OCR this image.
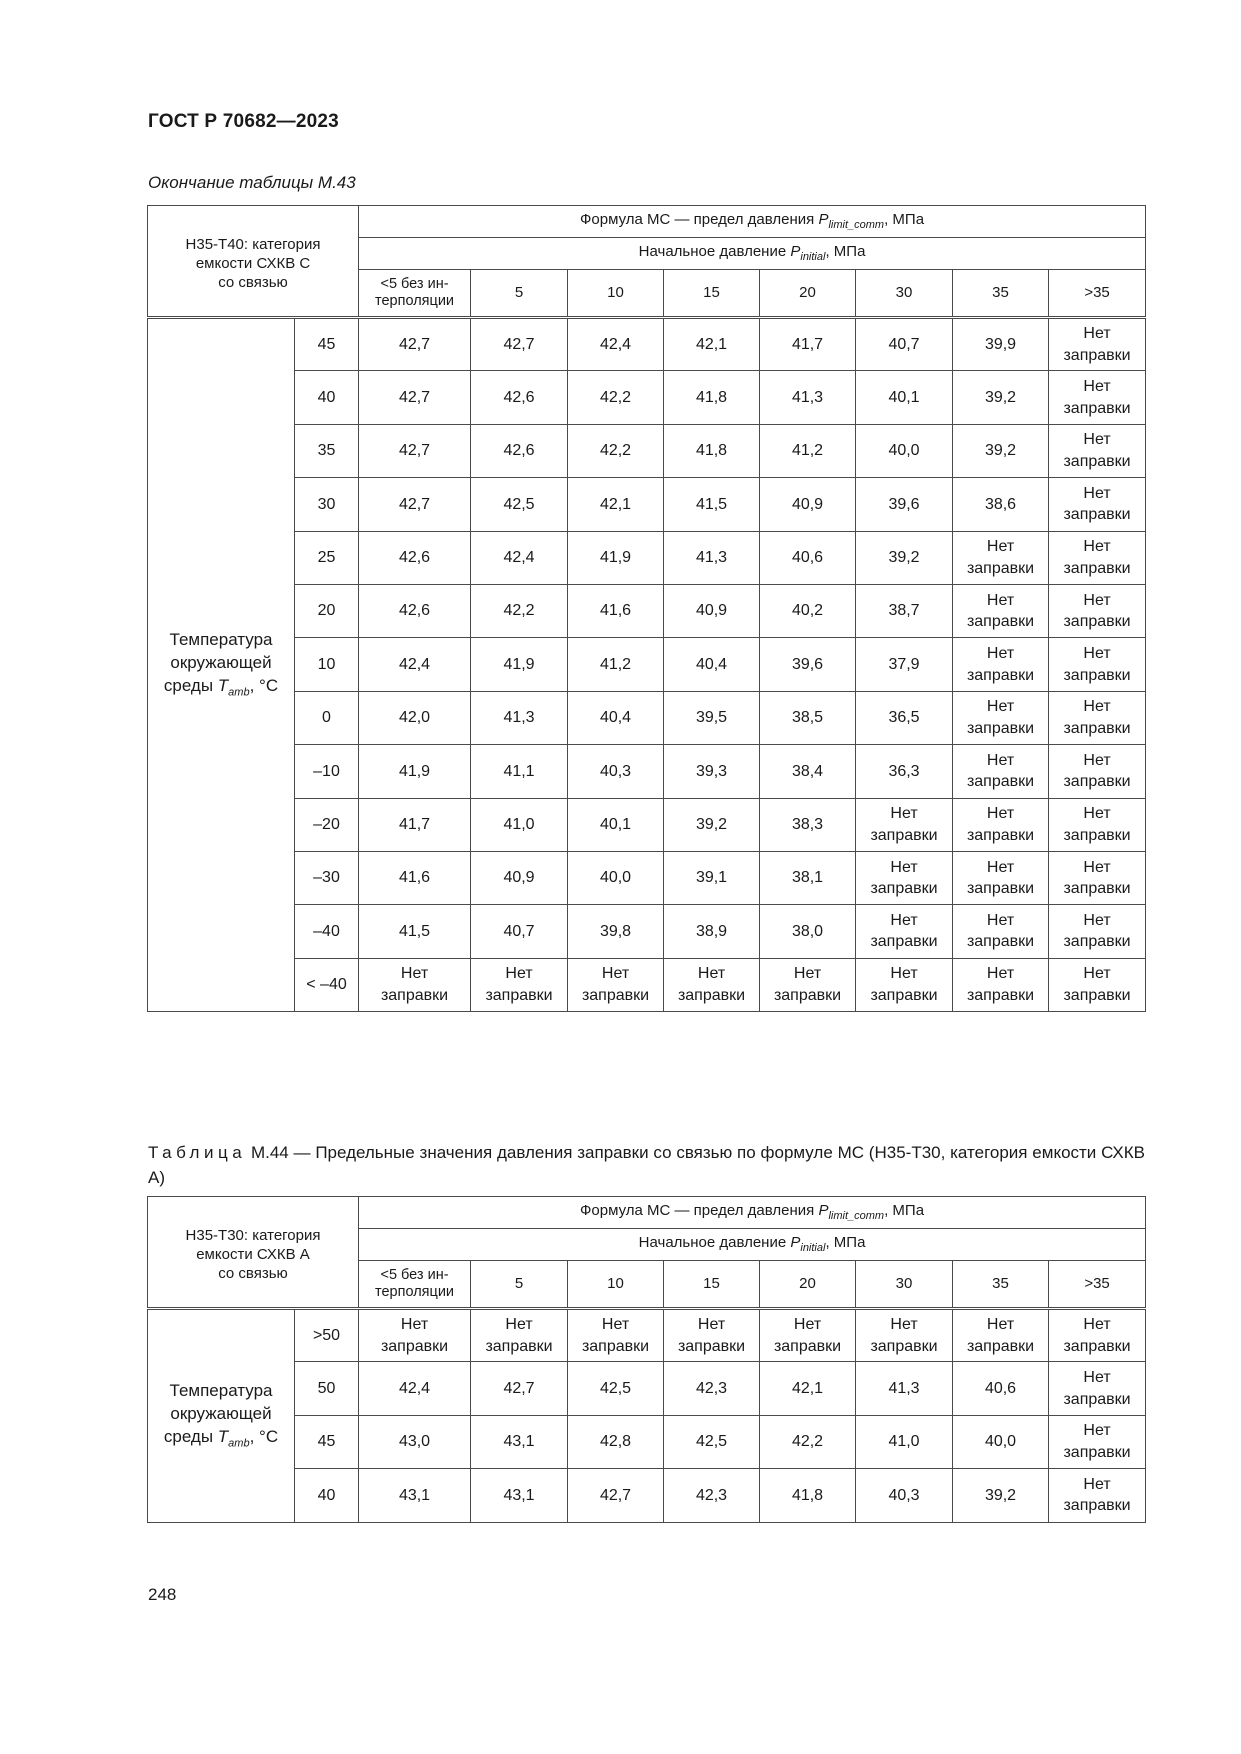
ГОСТ Р 70682—2023
Окончание таблицы М.43
Н35-Т40: категория
емкости СХКВ С
со связью		Формула МС — предел давления $P_{limit\_comm}$, МПа							
		Начальное давление $P_{initial}$, МПа							
		<5 без ин-
терполяции	5	10	15	20	30	35	>35
Температура
окружающей
среды $T_{amb}$, °C	45	42,7	42,7	42,4	42,1	41,7	40,7	39,9	Нет
заправки
	40	42,7	42,6	42,2	41,8	41,3	40,1	39,2	Нет
заправки
	35	42,7	42,6	42,2	41,8	41,2	40,0	39,2	Нет
заправки
	30	42,7	42,5	42,1	41,5	40,9	39,6	38,6	Нет
заправки
	25	42,6	42,4	41,9	41,3	40,6	39,2	Нет
заправки	Нет
заправки
	20	42,6	42,2	41,6	40,9	40,2	38,7	Нет
заправки	Нет
заправки
	10	42,4	41,9	41,2	40,4	39,6	37,9	Нет
заправки	Нет
заправки
	0	42,0	41,3	40,4	39,5	38,5	36,5	Нет
заправки	Нет
заправки
	–10	41,9	41,1	40,3	39,3	38,4	36,3	Нет
заправки	Нет
заправки
	–20	41,7	41,0	40,1	39,2	38,3	Нет
заправки	Нет
заправки	Нет
заправки
	–30	41,6	40,9	40,0	39,1	38,1	Нет
заправки	Нет
заправки	Нет
заправки
	–40	41,5	40,7	39,8	38,9	38,0	Нет
заправки	Нет
заправки	Нет
заправки
	< –40	Нет
заправки	Нет
заправки	Нет
заправки	Нет
заправки	Нет
заправки	Нет
заправки	Нет
заправки	Нет
заправки
Таблица М.44 — Предельные значения давления заправки со связью по формуле МС (Н35-Т30, категория емкости СХКВ А)
Н35-Т30: категория
емкости СХКВ А
со связью		Формула МС — предел давления $P_{limit\_comm}$, МПа							
		Начальное давление $P_{initial}$, МПа							
		<5 без ин-
терполяции	5	10	15	20	30	35	>35
Температура
окружающей
среды $T_{amb}$, °C	>50	Нет
заправки	Нет
заправки	Нет
заправки	Нет
заправки	Нет
заправки	Нет
заправки	Нет
заправки	Нет
заправки
	50	42,4	42,7	42,5	42,3	42,1	41,3	40,6	Нет
заправки
	45	43,0	43,1	42,8	42,5	42,2	41,0	40,0	Нет
заправки
	40	43,1	43,1	42,7	42,3	41,8	40,3	39,2	Нет
заправки
248
